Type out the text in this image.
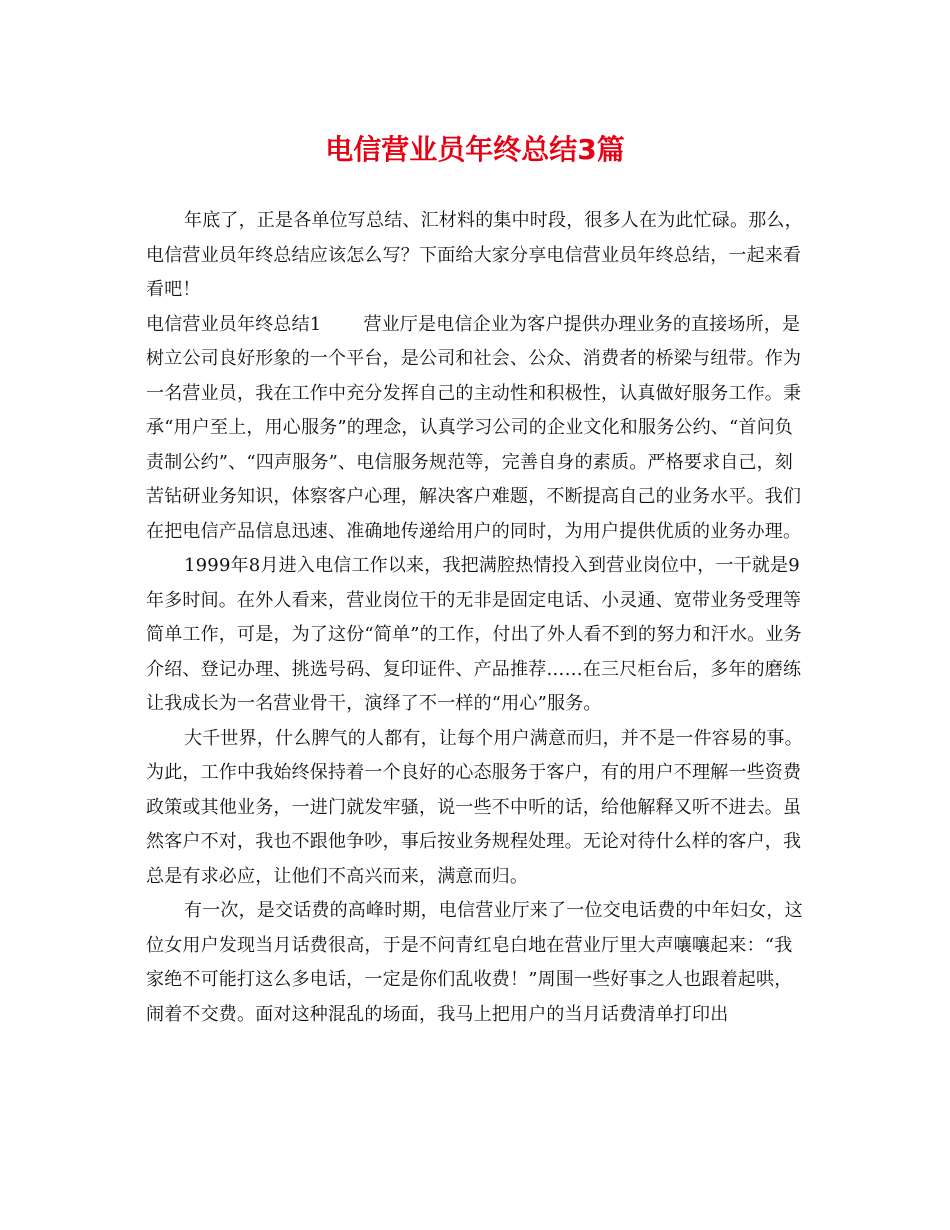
电信营业员年终总结3篇

年底了，正是各单位写总结、汇材料的集中时段，很多人在为此忙碌。那么，电信营业员年终总结应该怎么写？下面给大家分享电信营业员年终总结，一起来看看吧！

电信营业员年终总结1 营业厅是电信企业为客户提供办理业务的直接场所，是树立公司良好形象的一个平台，是公司和社会、公众、消费者的桥梁与纽带。作为一名营业员，我在工作中充分发挥自己的主动性和积极性，认真做好服务工作。秉承“用户至上，用心服务”的理念，认真学习公司的企业文化和服务公约、“首问负责制公约”、“四声服务”、电信服务规范等，完善自身的素质。严格要求自己，刻苦钻研业务知识，体察客户心理，解决客户难题，不断提高自己的业务水平。我们在把电信产品信息迅速、准确地传递给用户的同时，为用户提供优质的业务办理。

1999年8月进入电信工作以来，我把满腔热情投入到营业岗位中，一干就是9年多时间。在外人看来，营业岗位干的无非是固定电话、小灵通、宽带业务受理等简单工作，可是，为了这份“简单”的工作，付出了外人看不到的努力和汗水。业务介绍、登记办理、挑选号码、复印证件、产品推荐……在三尺柜台后，多年的磨练让我成长为一名营业骨干，演绎了不一样的“用心”服务。

大千世界，什么脾气的人都有，让每个用户满意而归，并不是一件容易的事。为此，工作中我始终保持着一个良好的心态服务于客户，有的用户不理解一些资费政策或其他业务，一进门就发牢骚，说一些不中听的话，给他解释又听不进去。虽然客户不对，我也不跟他争吵，事后按业务规程处理。无论对待什么样的客户，我总是有求必应，让他们不高兴而来，满意而归。

有一次，是交话费的高峰时期，电信营业厅来了一位交电话费的中年妇女，这位女用户发现当月话费很高，于是不问青红皂白地在营业厅里大声嚷嚷起来：“我家绝不可能打这么多电话，一定是你们乱收费！”周围一些好事之人也跟着起哄，闹着不交费。面对这种混乱的场面，我马上把用户的当月话费清单打印出
